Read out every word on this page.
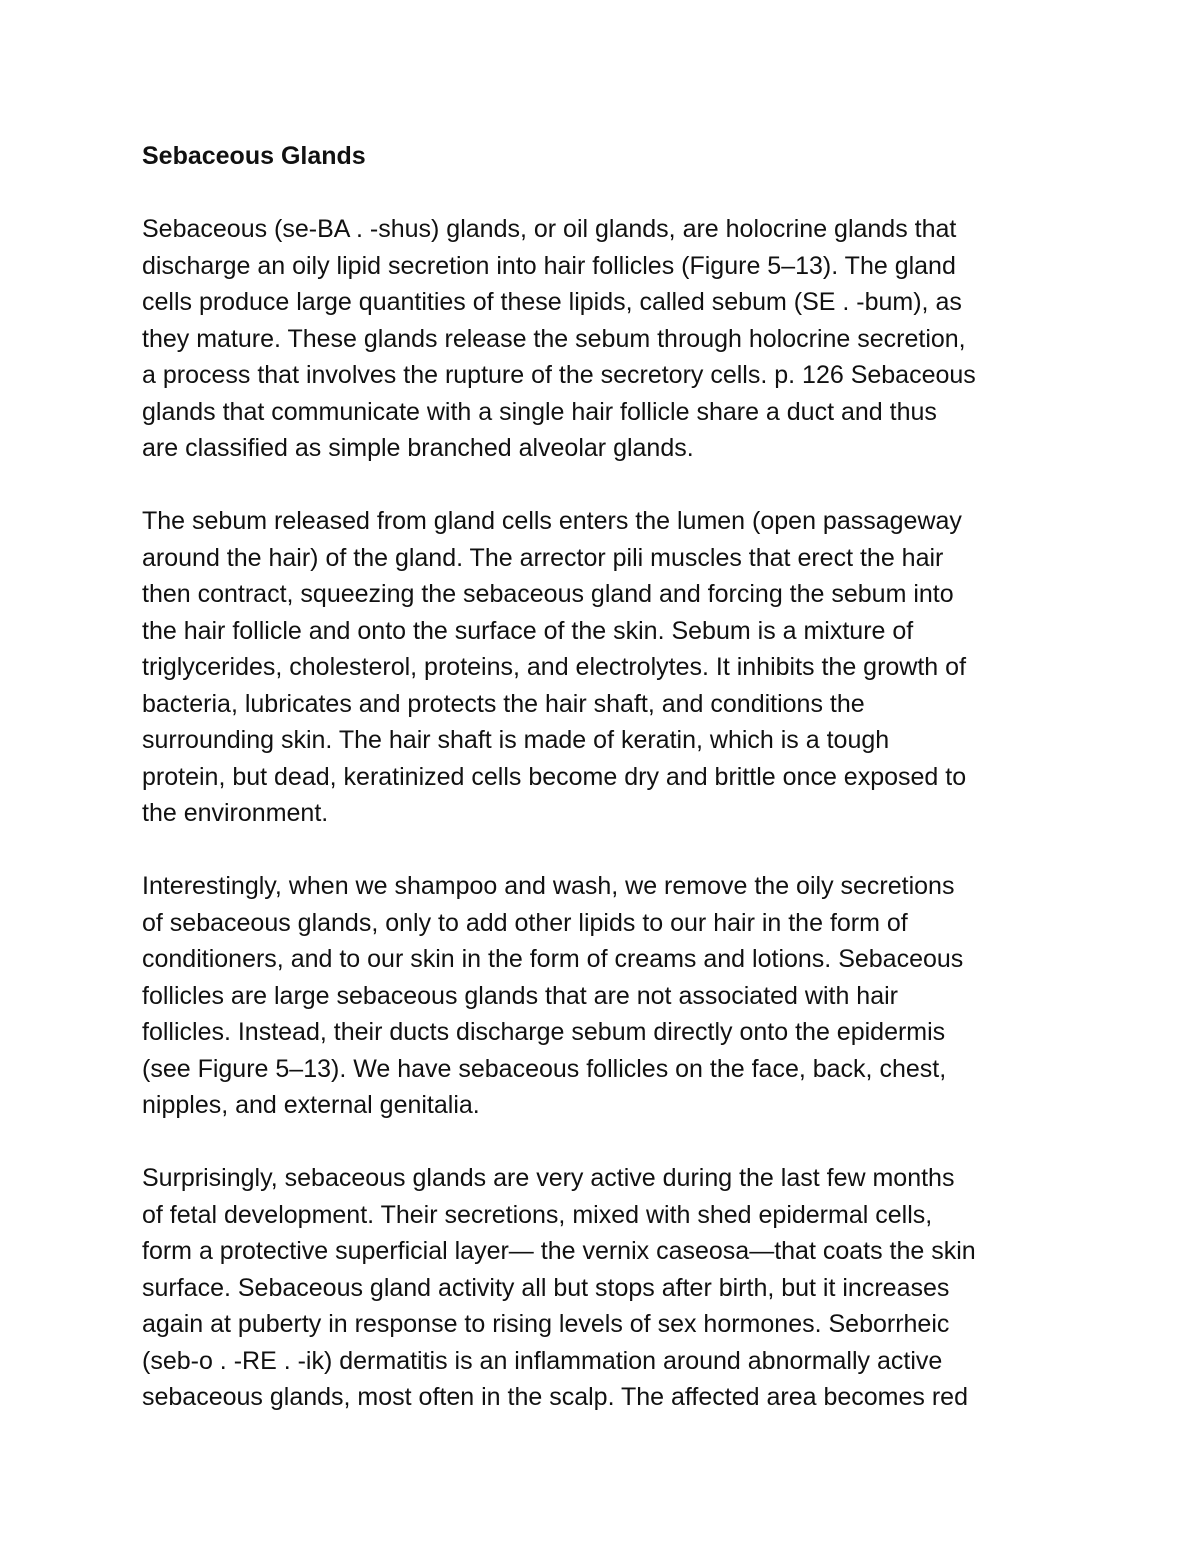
Sebaceous Glands
Sebaceous (se-BA . -shus) glands, or oil glands, are holocrine glands that
discharge an oily lipid secretion into hair follicles (Figure 5–13). The gland
cells produce large quantities of these lipids, called sebum (SE . -bum), as
they mature. These glands release the sebum through holocrine secretion,
a process that involves the rupture of the secretory cells. p. 126 Sebaceous
glands that communicate with a single hair follicle share a duct and thus
are classified as simple branched alveolar glands.
The sebum released from gland cells enters the lumen (open passageway
around the hair) of the gland. The arrector pili muscles that erect the hair
then contract, squeezing the sebaceous gland and forcing the sebum into
the hair follicle and onto the surface of the skin. Sebum is a mixture of
triglycerides, cholesterol, proteins, and electrolytes. It inhibits the growth of
bacteria, lubricates and protects the hair shaft, and conditions the
surrounding skin. The hair shaft is made of keratin, which is a tough
protein, but dead, keratinized cells become dry and brittle once exposed to
the environment.
Interestingly, when we shampoo and wash, we remove the oily secretions
of sebaceous glands, only to add other lipids to our hair in the form of
conditioners, and to our skin in the form of creams and lotions. Sebaceous
follicles are large sebaceous glands that are not associated with hair
follicles. Instead, their ducts discharge sebum directly onto the epidermis
(see Figure 5–13). We have sebaceous follicles on the face, back, chest,
nipples, and external genitalia.
Surprisingly, sebaceous glands are very active during the last few months
of fetal development. Their secretions, mixed with shed epidermal cells,
form a protective superficial layer— the vernix caseosa—that coats the skin
surface. Sebaceous gland activity all but stops after birth, but it increases
again at puberty in response to rising levels of sex hormones. Seborrheic
(seb-o . -RE . -ik) dermatitis is an inflammation around abnormally active
sebaceous glands, most often in the scalp. The affected area becomes red
